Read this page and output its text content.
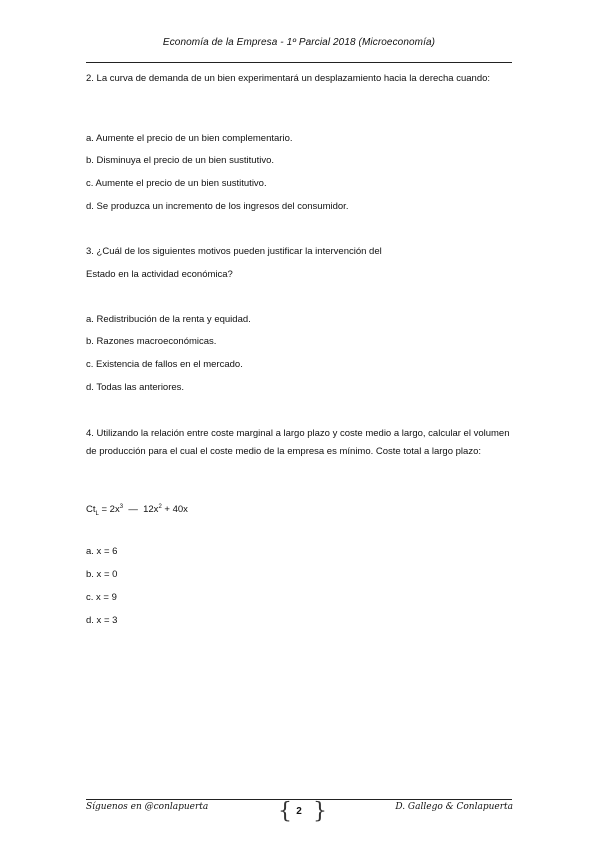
Economía de la Empresa - 1º Parcial 2018 (Microeconomía)

2. La curva de demanda de un bien experimentará un desplazamiento hacia la derecha cuando:

a. Aumente el precio de un bien complementario.

b. Disminuya el precio de un bien sustitutivo.

c. Aumente el precio de un bien sustitutivo.

d. Se produzca un incremento de los ingresos del consumidor.

3. ¿Cuál de los siguientes motivos pueden justificar la intervención del

Estado en la actividad económica?

a. Redistribución de la renta y equidad.

b. Razones macroeconómicas.

c. Existencia de fallos en el mercado.

d. Todas las anteriores.

4. Utilizando la relación entre coste marginal a largo plazo y coste medio a largo, calcular el volumen de producción para el cual el coste medio de la empresa es mínimo. Coste total a largo plazo:

$Ct_L = 2x^3$  —  $12x^2 + 40x$

a. x = 6

b. x = 0

c. x = 9

d. x = 3

Síguenos en @conlapuerta	{ }
2	D. Gallego & Conlapuerta
